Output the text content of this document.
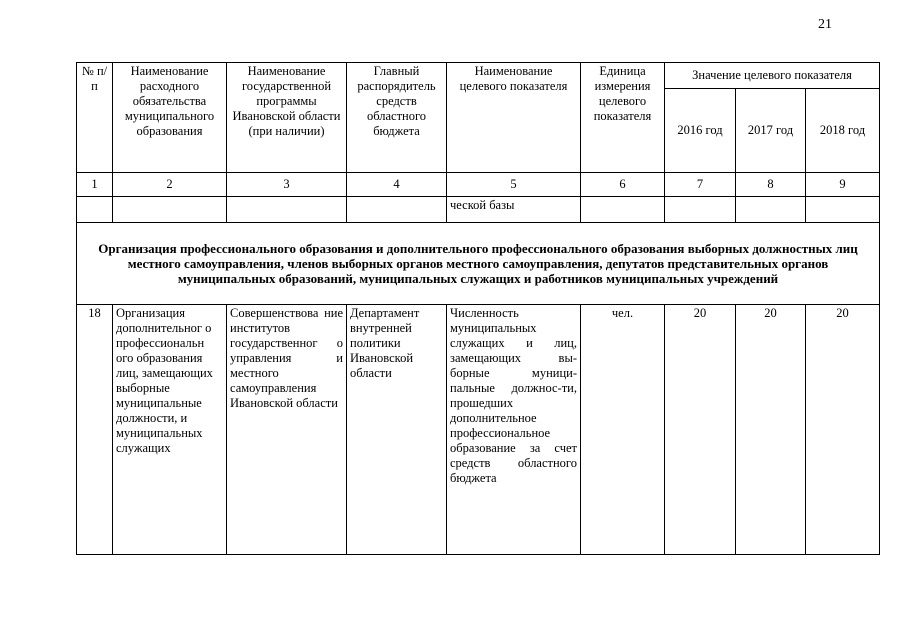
21
№ п/п	Наименование расходного обязательства муниципального образования	Наименование государственной программы Ивановской области (при наличии)	Главный распорядитель средств областного бюджета	Наименование целевого показателя	Единица измерения целевого показателя	Значение целевого показателя		
						2016 год	2017 год	2018 год
1	2	3	4	5	6	7	8	9
				ческой базы				
Организация профессионального образования и дополнительного профессионального образования выборных должностных лиц местного самоуправления, членов выборных органов местного самоуправления, депутатов представительных органов муниципальных образований, муниципальных служащих и работников муниципальных учреждений								
18	Организация дополнительног о профессиональн ого образования лиц, замещающих выборные муниципальные должности, и муниципальных служащих	Совершенствова ние институтов государственног о управления и местного самоуправления Ивановской области	Департамент внутренней политики Ивановской области	Численность муниципальных служащих и лиц, замещающих вы-борные муници-пальные должнос-ти, прошедших дополнительное профессиональное образование за счет средств областного бюджета	чел.	20	20	20
